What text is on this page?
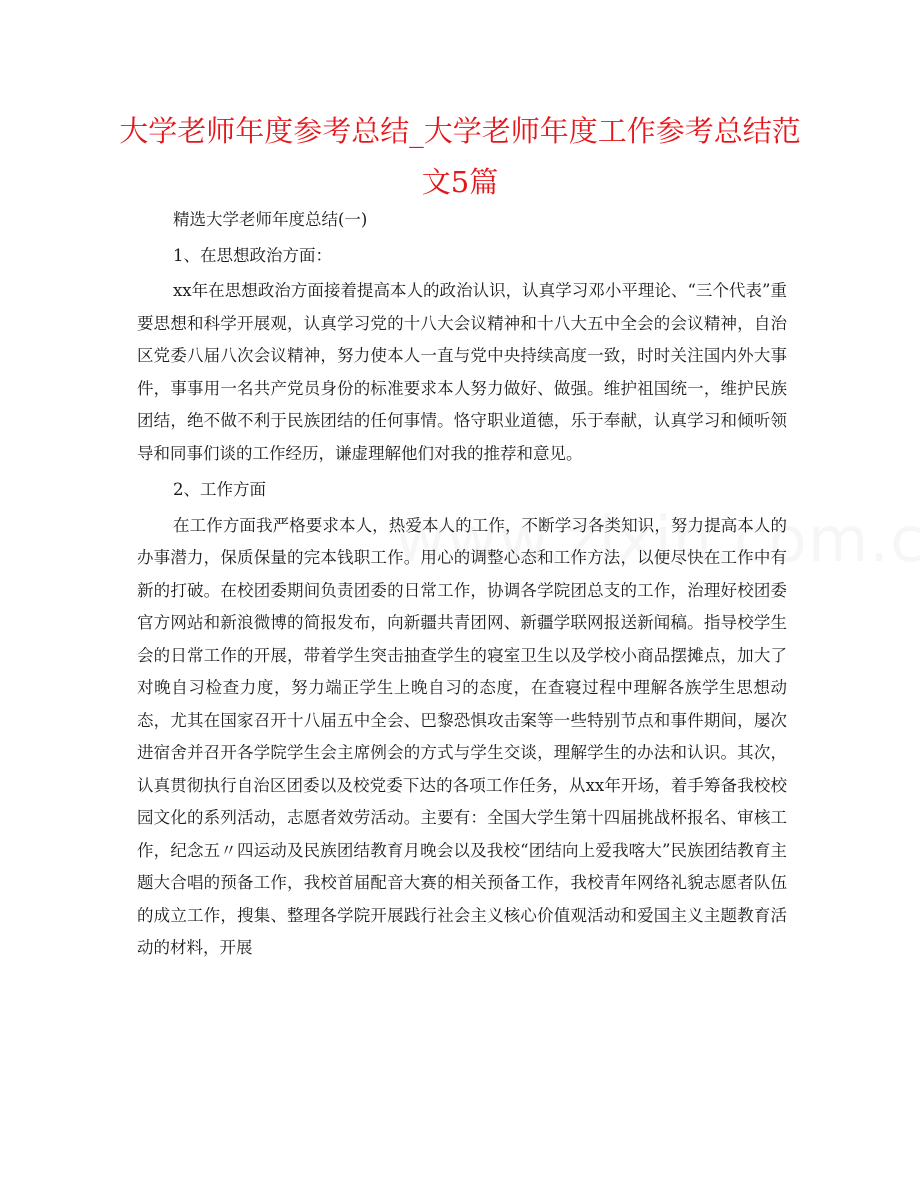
大学老师年度参考总结_大学老师年度工作参考总结范文5篇

精选大学老师年度总结(一)

1、在思想政治方面：

xx年在思想政治方面接着提高本人的政治认识，认真学习邓小平理论、“三个代表”重要思想和科学开展观，认真学习党的十八大会议精神和十八大五中全会的会议精神，自治区党委八届八次会议精神，努力使本人一直与党中央持续高度一致，时时关注国内外大事件，事事用一名共产党员身份的标准要求本人努力做好、做强。维护祖国统一，维护民族团结，绝不做不利于民族团结的任何事情。恪守职业道德，乐于奉献，认真学习和倾听领导和同事们谈的工作经历，谦虚理解他们对我的推荐和意见。

2、工作方面

在工作方面我严格要求本人，热爱本人的工作，不断学习各类知识，努力提高本人的办事潜力，保质保量的完本钱职工作。用心的调整心态和工作方法，以便尽快在工作中有新的打破。在校团委期间负责团委的日常工作，协调各学院团总支的工作，治理好校团委官方网站和新浪微博的简报发布，向新疆共青团网、新疆学联网报送新闻稿。指导校学生会的日常工作的开展，带着学生突击抽查学生的寝室卫生以及学校小商品摆摊点，加大了对晚自习检查力度，努力端正学生上晚自习的态度，在查寝过程中理解各族学生思想动态，尤其在国家召开十八届五中全会、巴黎恐惧攻击案等一些特别节点和事件期间，屡次进宿舍并召开各学院学生会主席例会的方式与学生交谈，理解学生的办法和认识。其次，认真贯彻执行自治区团委以及校党委下达的各项工作任务，从xx年开场，着手筹备我校校园文化的系列活动，志愿者效劳活动。主要有：全国大学生第十四届挑战杯报名、审核工作，纪念五〃四运动及民族团结教育月晚会以及我校“团结向上爱我喀大”民族团结教育主题大合唱的预备工作，我校首届配音大赛的相关预备工作，我校青年网络礼貌志愿者队伍的成立工作，搜集、整理各学院开展践行社会主义核心价值观活动和爱国主义主题教育活动的材料，开展
